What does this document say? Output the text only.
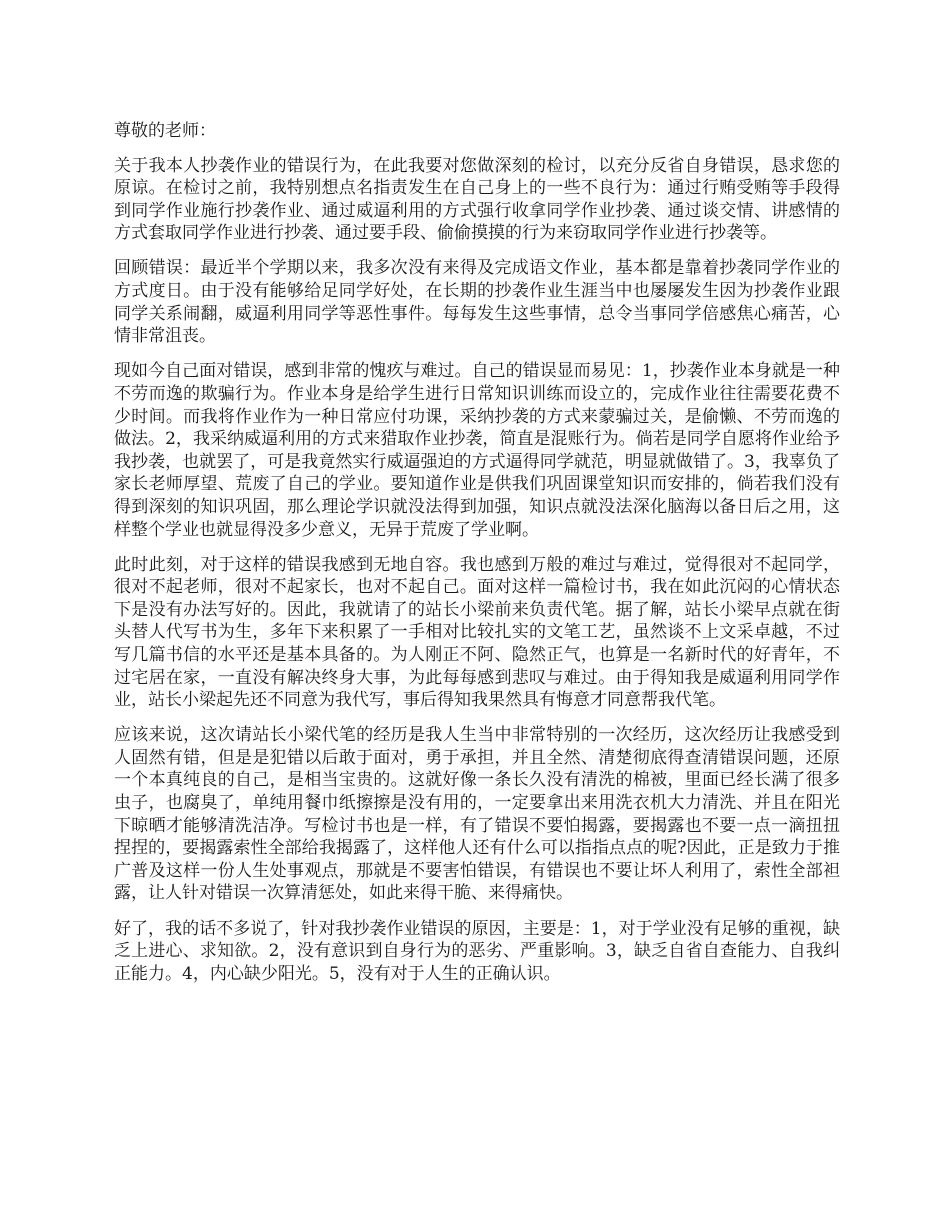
尊敬的老师：

关于我本人抄袭作业的错误行为，在此我要对您做深刻的检讨，以充分反省自身错误，恳求您的原谅。在检讨之前，我特别想点名指责发生在自己身上的一些不良行为：通过行贿受贿等手段得到同学作业施行抄袭作业、通过威逼利用的方式强行收拿同学作业抄袭、通过谈交情、讲感情的方式套取同学作业进行抄袭、通过要手段、偷偷摸摸的行为来窃取同学作业进行抄袭等。

回顾错误：最近半个学期以来，我多次没有来得及完成语文作业，基本都是靠着抄袭同学作业的方式度日。由于没有能够给足同学好处，在长期的抄袭作业生涯当中也屡屡发生因为抄袭作业跟同学关系闹翻，威逼利用同学等恶性事件。每每发生这些事情，总令当事同学倍感焦心痛苦，心情非常沮丧。

现如今自己面对错误，感到非常的愧疚与难过。自己的错误显而易见：1，抄袭作业本身就是一种不劳而逸的欺骗行为。作业本身是给学生进行日常知识训练而设立的，完成作业往往需要花费不少时间。而我将作业作为一种日常应付功课，采纳抄袭的方式来蒙骗过关，是偷懒、不劳而逸的做法。2，我采纳威逼利用的方式来猎取作业抄袭，简直是混账行为。倘若是同学自愿将作业给予我抄袭，也就罢了，可是我竟然实行威逼强迫的方式逼得同学就范，明显就做错了。3，我辜负了家长老师厚望、荒废了自己的学业。要知道作业是供我们巩固课堂知识而安排的，倘若我们没有得到深刻的知识巩固，那么理论学识就没法得到加强，知识点就没法深化脑海以备日后之用，这样整个学业也就显得没多少意义，无异于荒废了学业啊。

此时此刻，对于这样的错误我感到无地自容。我也感到万般的难过与难过，觉得很对不起同学，很对不起老师，很对不起家长，也对不起自己。面对这样一篇检讨书，我在如此沉闷的心情状态下是没有办法写好的。因此，我就请了的站长小梁前来负责代笔。据了解，站长小梁早点就在街头替人代写书为生，多年下来积累了一手相对比较扎实的文笔工艺，虽然谈不上文采卓越，不过写几篇书信的水平还是基本具备的。为人刚正不阿、隐然正气，也算是一名新时代的好青年，不过宅居在家，一直没有解决终身大事，为此每每感到悲叹与难过。由于得知我是威逼利用同学作业，站长小梁起先还不同意为我代写，事后得知我果然具有悔意才同意帮我代笔。

应该来说，这次请站长小梁代笔的经历是我人生当中非常特别的一次经历，这次经历让我感受到人固然有错，但是是犯错以后敢于面对，勇于承担，并且全然、清楚彻底得查清错误问题，还原一个本真纯良的自己，是相当宝贵的。这就好像一条长久没有清洗的棉被，里面已经长满了很多虫子，也腐臭了，单纯用餐巾纸擦擦是没有用的，一定要拿出来用洗衣机大力清洗、并且在阳光下晾晒才能够清洗洁净。写检讨书也是一样，有了错误不要怕揭露，要揭露也不要一点一滴扭扭捏捏的，要揭露索性全部给我揭露了，这样他人还有什么可以指指点点的呢?因此，正是致力于推广普及这样一份人生处事观点，那就是不要害怕错误，有错误也不要让坏人利用了，索性全部袒露，让人针对错误一次算清惩处，如此来得干脆、来得痛快。

好了，我的话不多说了，针对我抄袭作业错误的原因，主要是：1，对于学业没有足够的重视，缺乏上进心、求知欲。2，没有意识到自身行为的恶劣、严重影响。3，缺乏自省自查能力、自我纠正能力。4，内心缺少阳光。5，没有对于人生的正确认识。
